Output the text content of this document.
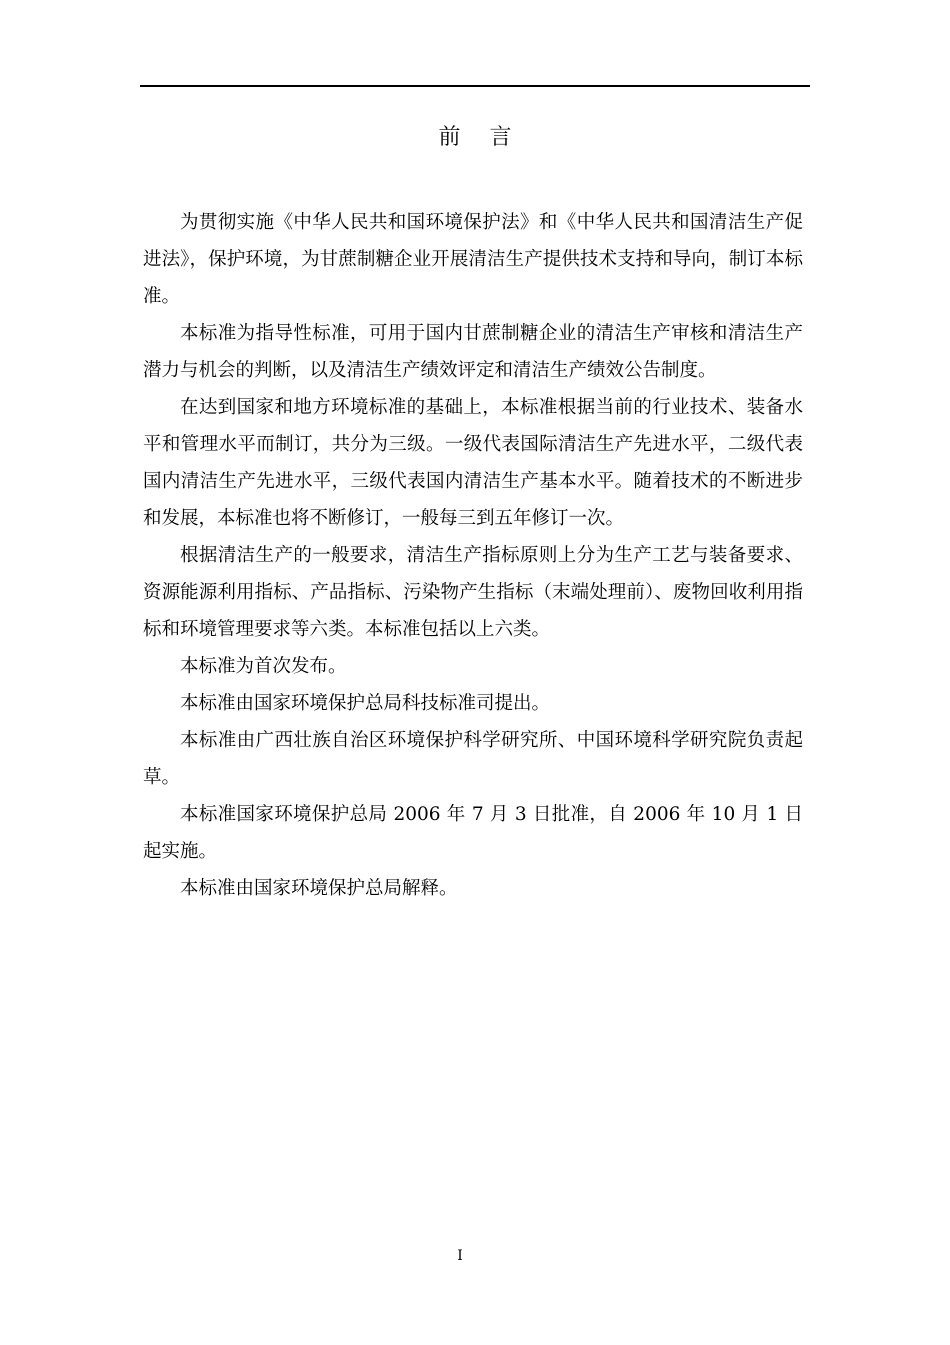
前 言

为贯彻实施《中华人民共和国环境保护法》和《中华人民共和国清洁生产促进法》，保护环境，为甘蔗制糖企业开展清洁生产提供技术支持和导向，制订本标准。

本标准为指导性标准，可用于国内甘蔗制糖企业的清洁生产审核和清洁生产潜力与机会的判断，以及清洁生产绩效评定和清洁生产绩效公告制度。

在达到国家和地方环境标准的基础上，本标准根据当前的行业技术、装备水平和管理水平而制订，共分为三级。一级代表国际清洁生产先进水平，二级代表国内清洁生产先进水平，三级代表国内清洁生产基本水平。随着技术的不断进步和发展，本标准也将不断修订，一般每三到五年修订一次。

根据清洁生产的一般要求，清洁生产指标原则上分为生产工艺与装备要求、资源能源利用指标、产品指标、污染物产生指标（末端处理前）、废物回收利用指标和环境管理要求等六类。本标准包括以上六类。

本标准为首次发布。

本标准由国家环境保护总局科技标准司提出。

本标准由广西壮族自治区环境保护科学研究所、中国环境科学研究院负责起草。

本标准国家环境保护总局 2006 年 7 月 3 日批准，自 2006 年 10 月 1 日起实施。

本标准由国家环境保护总局解释。

I
